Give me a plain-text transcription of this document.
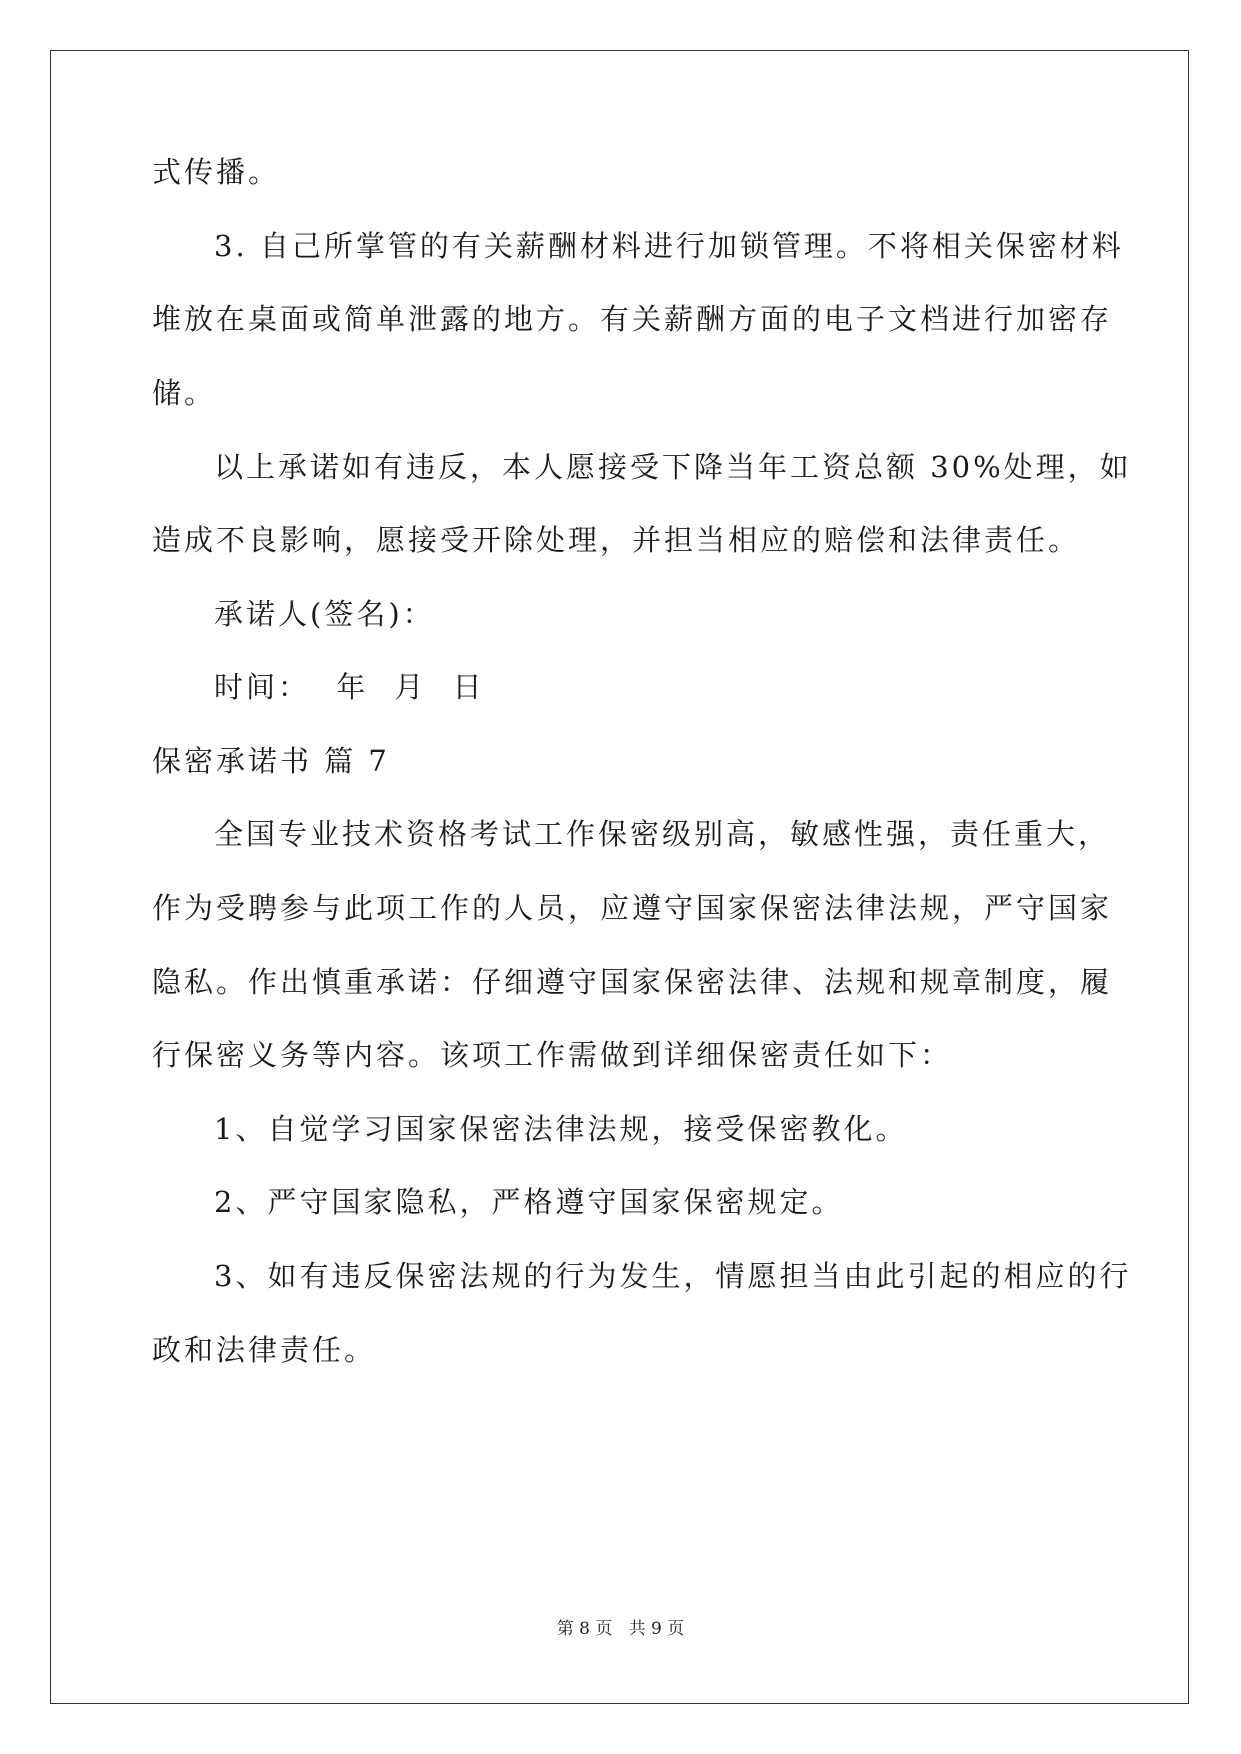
式传播。
3. 自己所掌管的有关薪酬材料进行加锁管理。不将相关保密材料
堆放在桌面或简单泄露的地方。有关薪酬方面的电子文档进行加密存
储。
以上承诺如有违反，本人愿接受下降当年工资总额 30%处理，如
造成不良影响，愿接受开除处理，并担当相应的赔偿和法律责任。
承诺人(签名)：
时间： 年 月 日
保密承诺书 篇 7
全国专业技术资格考试工作保密级别高，敏感性强，责任重大，
作为受聘参与此项工作的人员，应遵守国家保密法律法规，严守国家
隐私。作出慎重承诺：仔细遵守国家保密法律、法规和规章制度，履
行保密义务等内容。该项工作需做到详细保密责任如下：
1、自觉学习国家保密法律法规，接受保密教化。
2、严守国家隐私，严格遵守国家保密规定。
3、如有违反保密法规的行为发生，情愿担当由此引起的相应的行
政和法律责任。
第 8 页 共 9 页
